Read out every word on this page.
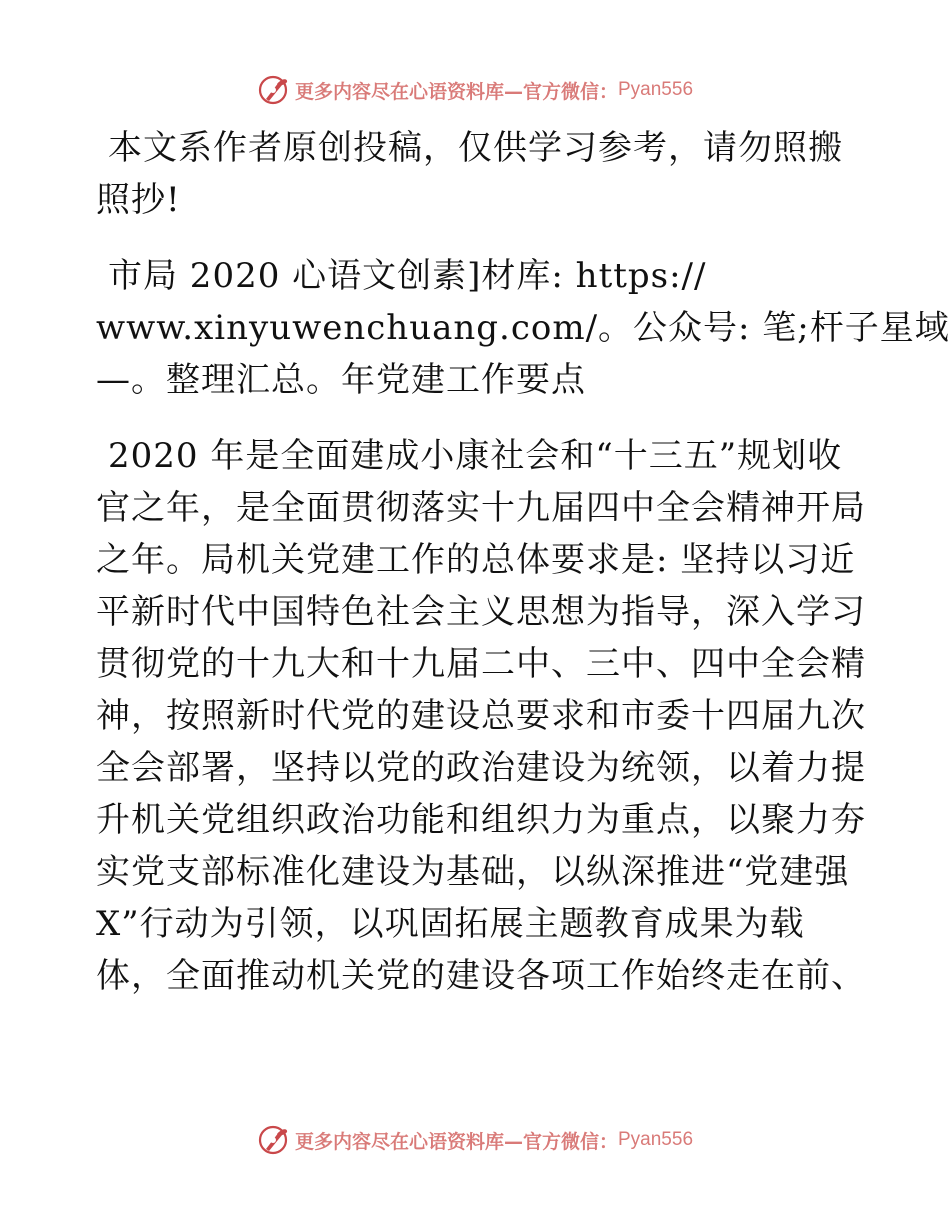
更多内容尽在心语资料库—官方微信： Pyan556
本文系作者原创投稿，仅供学习参考，请勿照搬
照抄!
市局 2020 心语文创素]材库: https://
www.xinyuwenchuang.com/。公众号: 笔;杆子星域
—。整理汇总。年党建工作要点
2020 年是全面建成小康社会和“十三五”规划收
官之年，是全面贯彻落实十九届四中全会精神开局
之年。局机关党建工作的总体要求是: 坚持以习近
平新时代中国特色社会主义思想为指导，深入学习
贯彻党的十九大和十九届二中、三中、四中全会精
神，按照新时代党的建设总要求和市委十四届九次
全会部署，坚持以党的政治建设为统领，以着力提
升机关党组织政治功能和组织力为重点，以聚力夯
实党支部标准化建设为基础，以纵深推进“党建强
X”行动为引领，以巩固拓展主题教育成果为载
体，全面推动机关党的建设各项工作始终走在前、
更多内容尽在心语资料库—官方微信： Pyan556
